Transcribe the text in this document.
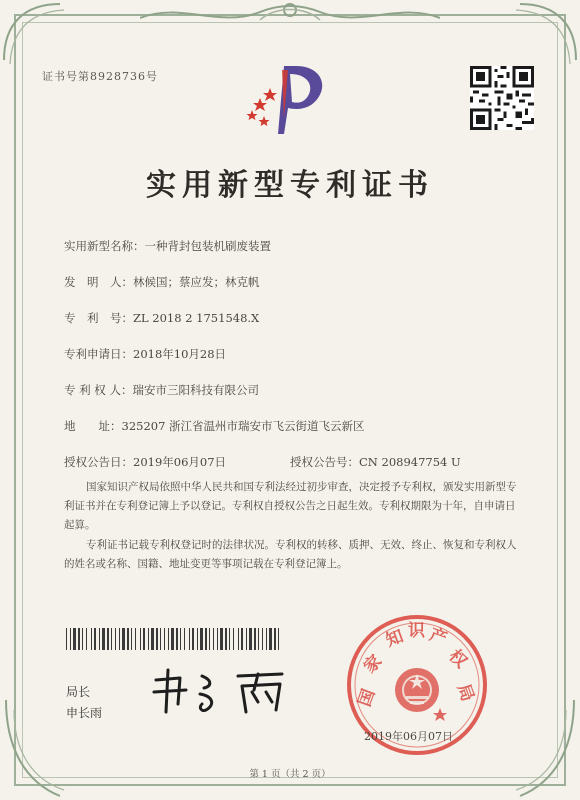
证书号第8928736号
实用新型专利证书
实用新型名称：一种背封包装机刷废装置
发　明　人：林候国；蔡应发；林克帆
专　利　号：ZL 2018 2 1751548.X
专利申请日：2018年10月28日
专 利 权 人：瑞安市三阳科技有限公司
地　　址：325207 浙江省温州市瑞安市飞云街道飞云新区
授权公告日：2019年06月07日	授权公告号：CN 208947754 U
国家知识产权局依照中华人民共和国专利法经过初步审查，决定授予专利权，颁发实用新型专利证书并在专利登记簿上予以登记。专利权自授权公告之日起生效。专利权期限为十年，自申请日起算。
专利证书记载专利权登记时的法律状况。专利权的转移、质押、无效、终止、恢复和专利权人的姓名或名称、国籍、地址变更等事项记载在专利登记簿上。
局长
申长雨
国
家
知 识 产
权
局
2019年06月07日
第 1 页（共 2 页）
